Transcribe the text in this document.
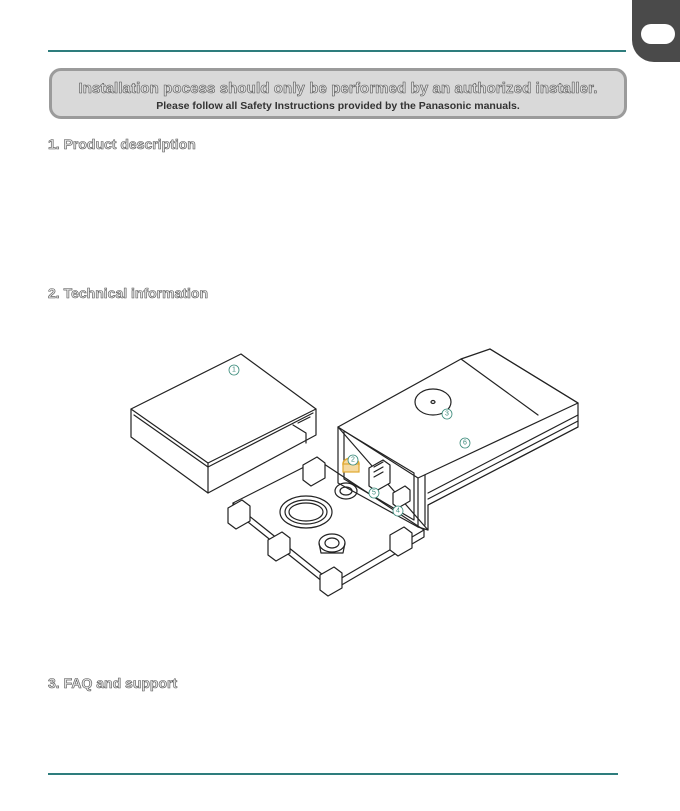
Installation pocess should only be performed by an authorized installer.
Please follow all Safety Instructions provided by the Panasonic manuals.
1. Product description
2. Technical information
1
2
3
4
5
6
3. FAQ and support
